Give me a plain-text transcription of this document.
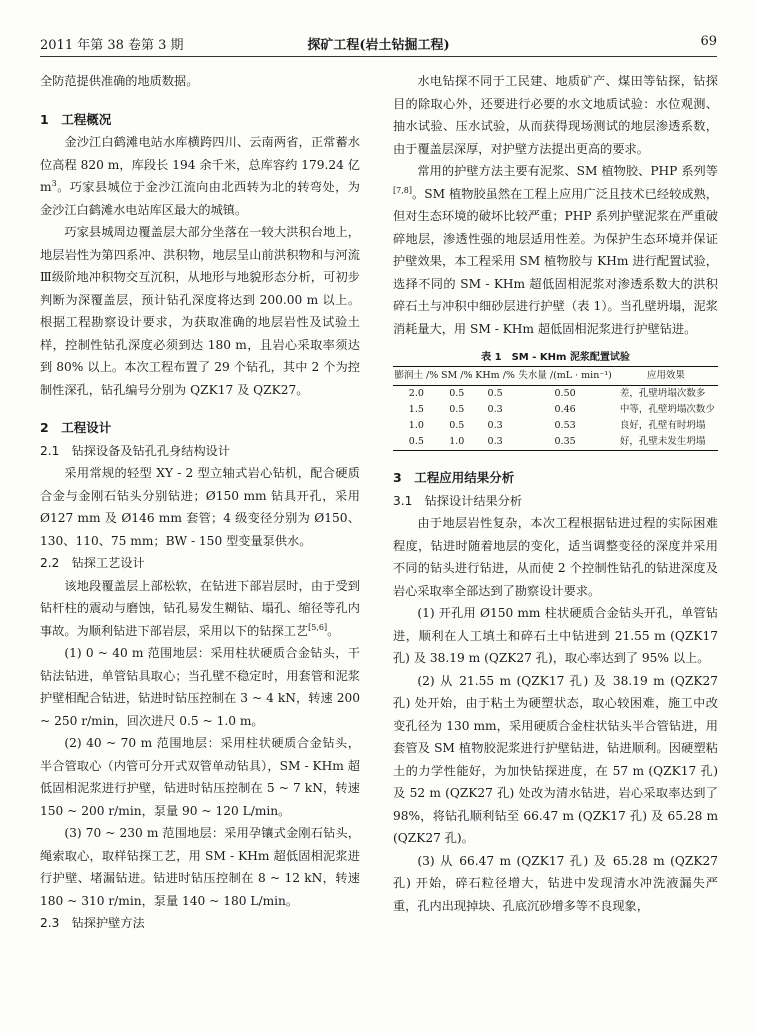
2011 年第 38 卷第 3 期	探矿工程(岩土钻掘工程)	69

全防范提供准确的地质数据。

1　工程概况

金沙江白鹤滩电站水库横跨四川、云南两省，正常蓄水位高程 820 m，库段长 194 余千米，总库容约 179.24 亿 $m^3$。巧家县城位于金沙江流向由北西转为北的转弯处，为金沙江白鹤滩水电站库区最大的城镇。

巧家县城周边覆盖层大部分坐落在一较大洪积台地上，地层岩性为第四系冲、洪积物，地层呈山前洪积物和与河流Ⅲ级阶地冲积物交互沉积，从地形与地貌形态分析，可初步判断为深覆盖层，预计钻孔深度将达到 200.00 m 以上。根据工程勘察设计要求，为获取准确的地层岩性及试验土样，控制性钻孔深度必须到达 180 m，且岩心采取率须达到 80% 以上。本次工程布置了 29 个钻孔，其中 2 个为控制性深孔，钻孔编号分别为 QZK17 及 QZK27。

2　工程设计
2.1　钻探设备及钻孔孔身结构设计

采用常规的轻型 XY - 2 型立轴式岩心钻机，配合硬质合金与金刚石钻头分别钻进；Ø150 mm 钻具开孔，采用 Ø127 mm 及 Ø146 mm 套管；4 级变径分别为 Ø150、130、110、75 mm；BW - 150 型变量泵供水。

2.2　钻探工艺设计

该地段覆盖层上部松软，在钻进下部岩层时，由于受到钻杆柱的震动与磨蚀，钻孔易发生糊钻、塌孔、缩径等孔内事故。为顺利钻进下部岩层，采用以下的钻探工艺[5,6]。

(1) 0 ~ 40 m 范围地层：采用柱状硬质合金钻头，干钻法钻进，单管钻具取心；当孔壁不稳定时，用套管和泥浆护壁相配合钻进，钻进时钻压控制在 3 ~ 4 kN，转速 200 ~ 250 r/min，回次进尺 0.5 ~ 1.0 m。

(2) 40 ~ 70 m 范围地层：采用柱状硬质合金钻头，半合管取心（内管可分开式双管单动钻具），SM - KHm 超低固相泥浆进行护壁，钻进时钻压控制在 5 ~ 7 kN，转速 150 ~ 200 r/min，泵量 90 ~ 120 L/min。

(3) 70 ~ 230 m 范围地层：采用孕镶式金刚石钻头，绳索取心，取样钻探工艺，用 SM - KHm 超低固相泥浆进行护壁、堵漏钻进。钻进时钻压控制在 8 ~ 12 kN，转速 180 ~ 310 r/min，泵量 140 ~ 180 L/min。

2.3　钻探护壁方法

水电钻探不同于工民建、地质矿产、煤田等钻探，钻探目的除取心外，还要进行必要的水文地质试验：水位观测、抽水试验、压水试验，从而获得现场测试的地层渗透系数，由于覆盖层深厚，对护壁方法提出更高的要求。

常用的护壁方法主要有泥浆、SM 植物胶、PHP 系列等[7,8]。SM 植物胶虽然在工程上应用广泛且技术已经较成熟，但对生态环境的破坏比较严重；PHP 系列护壁泥浆在严重破碎地层，渗透性强的地层适用性差。为保护生态环境并保证护壁效果，本工程采用 SM 植物胶与 KHm 进行配置试验，选择不同的 SM - KHm 超低固相泥浆对渗透系数大的洪积碎石土与冲积中细砂层进行护壁（表 1）。当孔壁坍塌，泥浆消耗量大，用 SM - KHm 超低固相泥浆进行护壁钻进。

表 1　SM - KHm 泥浆配置试验
膨润土 /%	SM /%	KHm /%	失水量 /(mL · min⁻¹)	应用效果
2.0	0.5	0.5	0.50	差，孔壁坍塌次数多
1.5	0.5	0.3	0.46	中等，孔壁坍塌次数少
1.0	0.5	0.3	0.53	良好，孔壁有时坍塌
0.5	1.0	0.3	0.35	好，孔壁未发生坍塌
3　工程应用结果分析
3.1　钻探设计结果分析

由于地层岩性复杂，本次工程根据钻进过程的实际困难程度，钻进时随着地层的变化，适当调整变径的深度并采用不同的钻头进行钻进，从而使 2 个控制性钻孔的钻进深度及岩心采取率全部达到了勘察设计要求。

(1) 开孔用 Ø150 mm 柱状硬质合金钻头开孔，单管钻进，顺利在人工填土和碎石土中钻进到 21.55 m (QZK17 孔) 及 38.19 m (QZK27 孔)，取心率达到了 95% 以上。

(2) 从 21.55 m (QZK17 孔) 及 38.19 m (QZK27 孔) 处开始，由于粘土为硬塑状态，取心较困难，施工中改变孔径为 130 mm，采用硬质合金柱状钻头半合管钻进，用套管及 SM 植物胶泥浆进行护壁钻进，钻进顺利。因硬塑粘土的力学性能好，为加快钻探进度，在 57 m (QZK17 孔) 及 52 m (QZK27 孔) 处改为清水钻进，岩心采取率达到了 98%，将钻孔顺利钻至 66.47 m (QZK17 孔) 及 65.28 m (QZK27 孔)。

(3) 从 66.47 m (QZK17 孔) 及 65.28 m (QZK27 孔) 开始，碎石粒径增大，钻进中发现清水冲洗液漏失严重，孔内出现掉块、孔底沉砂增多等不良现象，
